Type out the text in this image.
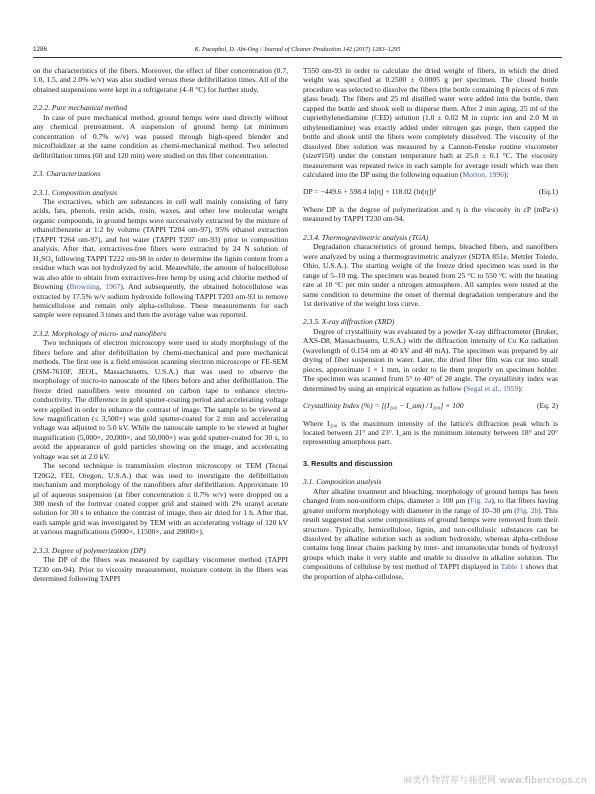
1286	K. Pacaphol, D. Aht-Ong / Journal of Cleaner Production 142 (2017) 1283–1295

on the characteristics of the fibers. Moreover, the effect of fiber concentration (0.7, 1.0, 1.5, and 2.0% w/v) was also studied versus these defibrillation times. All of the obtained suspensions were kept in a refrigerator (4–8 °C) for further study.

2.2.2. Pure mechanical method

In case of pure mechanical method, ground hemps were used directly without any chemical pretreatment. A suspension of ground hemp (at minimum concentration of 0.7% w/v) was passed through high-speed blender and microfluidizer at the same condition as chemi-mechanical method. Two selected defibrillation times (60 and 120 min) were studied on this fiber concentration.

2.3. Characterizations

2.3.1. Composition analysis

The extractives, which are substances in cell wall mainly consisting of fatty acids, fats, phenols, resin acids, rosin, waxes, and other low molecular weight organic compounds, in ground hemps were successively extracted by the mixture of ethanol:benzene at 1:2 by volume (TAPPI T204 om-97), 95% ethanol extraction (TAPPI T264 om-97), and hot water (TAPPI T207 om-93) prior to composition analysis. After that, extractives-free fibers were extracted by 24 N solution of H₂SO₄ following TAPPI T222 om-98 in order to determine the lignin content from a residue which was not hydrolyzed by acid. Meanwhile, the amount of holocellulose was also able to obtain from extractives-free hemp by using acid chlorite method of Browning (Browning, 1967). And subsequently, the obtained holocellulose was extracted by 17.5% w/v sodium hydroxide following TAPPI T203 om-93 to remove hemicellulose and remain only alpha-cellulose. These measurements for each sample were repeated 3 times and then the average value was reported.

2.3.2. Morphology of micro- and nanofibers

Two techniques of electron microscopy were used to study morphology of the fibers before and after defibrillation by chemi-mechanical and pure mechanical methods. The first one is a field emission scanning electron microscope or FE-SEM (JSM-7610F, JEOL, Massachusetts, U.S.A.) that was used to observe the morphology of micro-to nanoscale of the fibers before and after defibrillation. The freeze dried nanofibers were mounted on carbon tape to enhance electro-conductivity. The difference in gold sputter-coating period and accelerating voltage were applied in order to enhance the contrast of image. The sample to be viewed at low magnification (≤ 3,500×) was gold sputter-coated for 2 min and accelerating voltage was adjusted to 5.0 kV. While the nanoscale sample to be viewed at higher magnification (5,000×, 20,000×, and 50,000×) was gold sputter-coated for 30 s, to avoid the appearance of gold particles showing on the image, and accelerating voltage was set at 2.0 kV.

The second technique is transmission electron microscopy or TEM (Tecnai T20G2, FEI, Oregon, U.S.A.) that was used to investigate the defibrillation mechanism and morphology of the nanofibers after defibrillation. Approximate 10 μl of aqueous suspension (at fiber concentration ≤ 0.7% w/v) were dropped on a 300 mesh of the formvar coated copper grid and stained with 2% uranyl acetate solution for 30 s to enhance the contrast of image, then air dried for 1 h. After that, each sample grid was investigated by TEM with an accelerating voltage of 120 kV at various magnifications (5000×, 11500×, and 29000×).

2.3.3. Degree of polymerization (DP)

The DP of the fibers was measured by capillary viscometer method (TAPPI T230 om-94). Prior to viscosity measurement, moisture content in the fibers was determined following TAPPI

T550 om-93 in order to calculate the dried weight of fibers, in which the dried weight was specified at 0.2500 ± 0.0005 g per specimen. The closed bottle procedure was selected to dissolve the fibers (the bottle containing 8 pieces of 6 mm glass bead). The fibers and 25 ml distilled water were added into the bottle, then capped the bottle and shook well to disperse them. After 2 min aging, 25 ml of the cupriethylenediamine (CED) solution (1.0 ± 0.02 M in cupric ion and 2.0 M in ethylenediamine) was exactly added under nitrogen gas purge, then capped the bottle and shook until the fibers were completely dissolved. The viscosity of the dissolved fiber solution was measured by a Cannon-Fenske routine viscometer (size#150) under the constant temperature bath at 25.0 ± 0.1 °C. The viscosity measurement was repeated twice in each sample for average result which was then calculated into the DP using the following equation (Morton, 1996):

DP = −449.6 + 598.4 ln[η] + 118.02 (ln[η])²	(Eq.1)

Where DP is the degree of polymerization and η is the viscosity in cP (mPa·s) measured by TAPPI T230 om-94.

2.3.4. Thermogravimetric analysis (TGA)

Degradation characteristics of ground hemps, bleached fibers, and nanofibers were analyzed by using a thermogravimetric analyzer (SDTA 851e, Mettler Toledo, Ohio, U.S.A.). The starting weight of the freeze dried specimen was used in the range of 5–10 mg. The specimen was heated from 25 °C to 550 °C with the heating rate at 10 °C per min under a nitrogen atmosphere. All samples were tested at the same condition to determine the onset of thermal degradation temperature and the 1st derivative of the weight loss curve.

2.3.5. X-ray diffraction (XRD)

Degree of crystallinity was evaluated by a powder X-ray diffractometer (Bruker, AXS-D8, Massachusetts, U.S.A.) with the diffraction intensity of Cu Kα radiation (wavelength of 0.154 nm at 40 kV and 40 mA). The specimen was prepared by air drying of fiber suspension in water. Later, the dried fiber film was cut into small pieces, approximate 1 × 1 mm, in order to lie them properly on specimen holder. The specimen was scanned from 5° to 40° of 2θ angle. The crystallinity index was determined by using an empirical equation as follow (Segal et al., 1959):

Crystallinity Index (%) = [(I₂₀₀ − I_am) / I₂₀₀] × 100	(Eq. 2)

Where I₂₀₀ is the maximum intensity of the lattice's diffraction peak which is located between 21° and 23°. I_am is the minimum intensity between 18° and 20° representing amorphous part.

3. Results and discussion

3.1. Composition analysis

After alkaline treatment and bleaching, morphology of ground hemps has been changed from non-uniform chips, diameter ≥ 100 μm (Fig. 2a), to flat fibers having greater uniform morphology with diameter in the range of 10–30 μm (Fig. 2b). This result suggested that some compositions of ground hemps were removed from their structure. Typically, hemicellulose, lignin, and non-cellulosic substances can be dissolved by alkaline solution such as sodium hydroxide, whereas alpha-cellulose contains long linear chains packing by inter- and intramolecular bonds of hydroxyl groups which make it very stable and unable to dissolve in alkaline solution. The compositions of cellulose by test method of TAPPI displayed in Table 1 shows that the proportion of alpha-cellulose,

麻类作物营养与施肥网 www.fibercrops.cn
